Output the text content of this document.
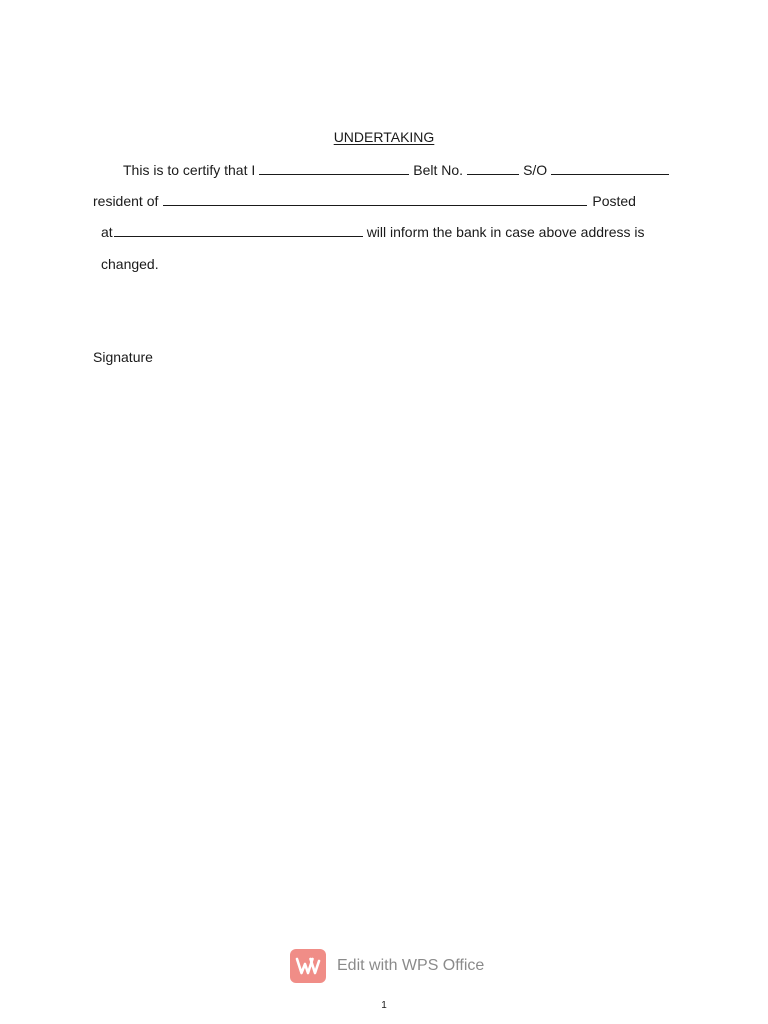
UNDERTAKING
This is to certify that I	Belt No.	S/O
resident of	Posted
at	will inform the bank in case above address is
changed.
Signature
Edit with WPS Office
1
